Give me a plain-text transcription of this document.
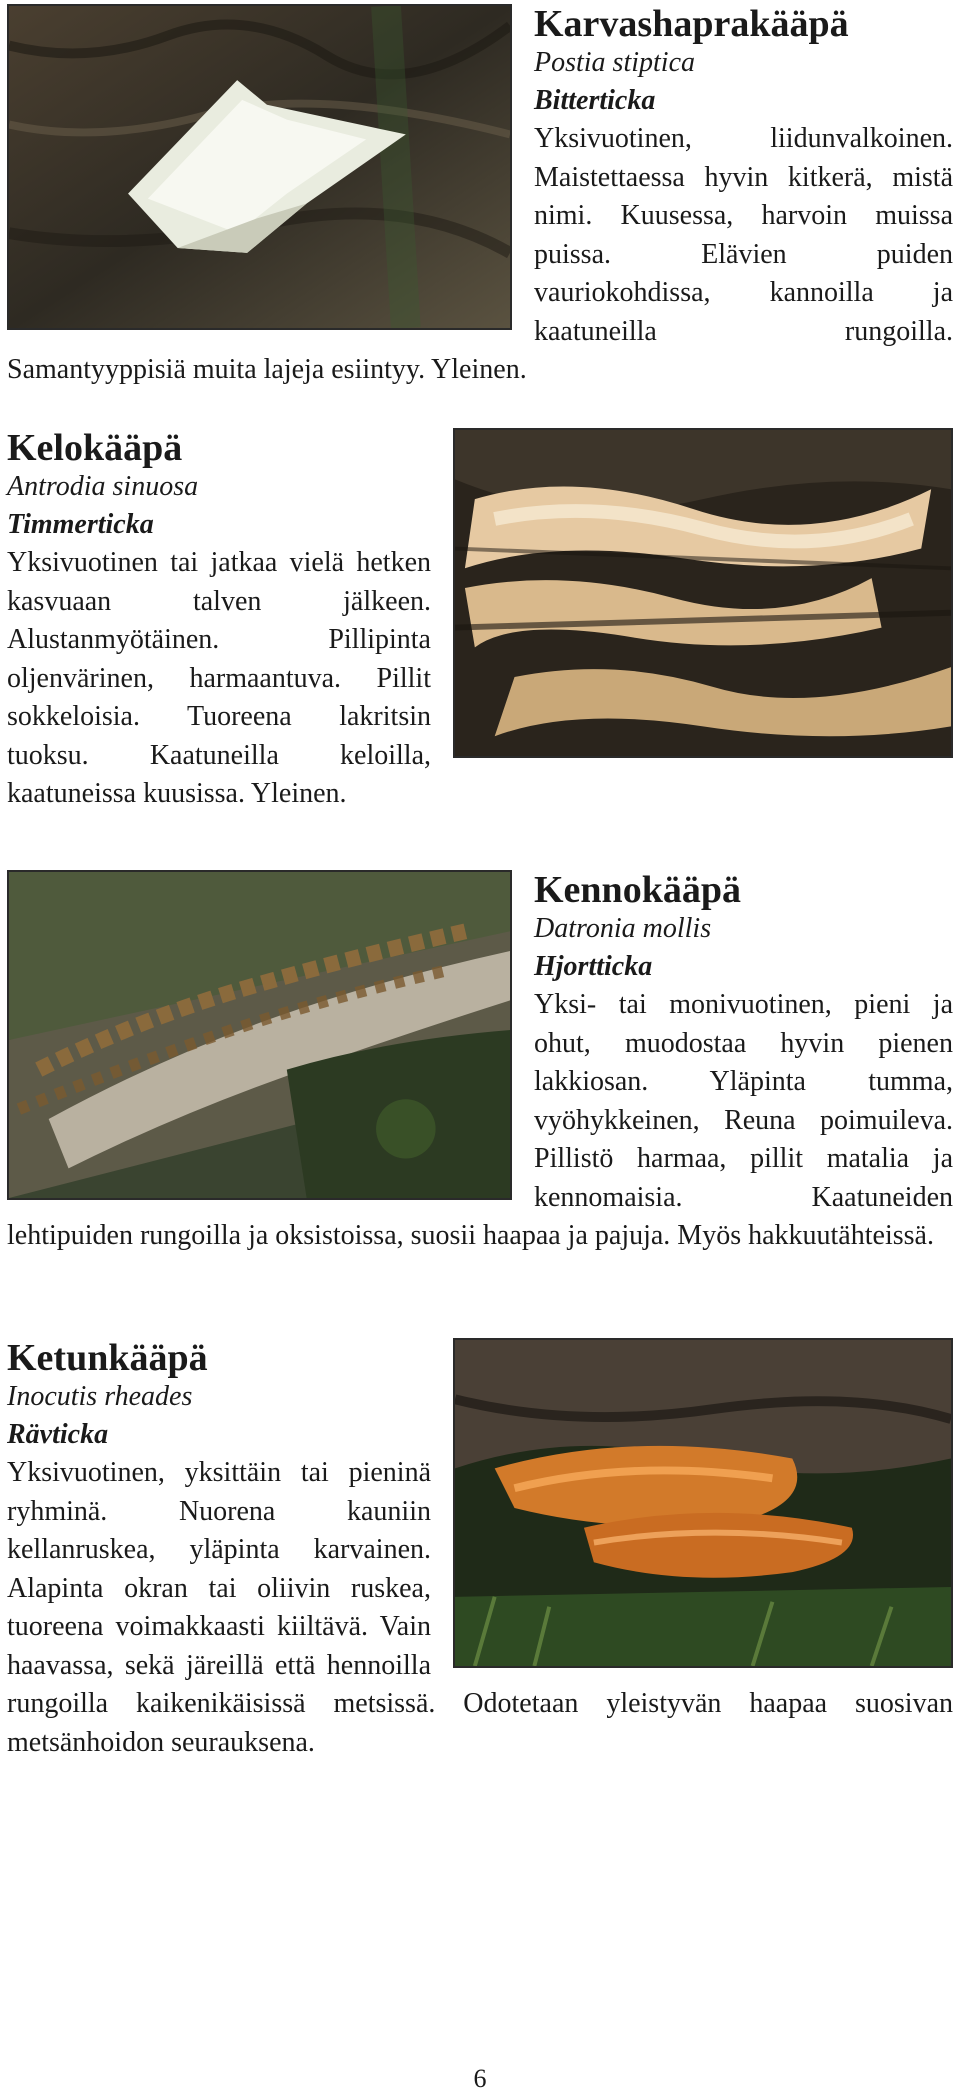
Karvashaprakääpä
Postia stiptica
Bitterticka

Yksivuotinen, liidunvalkoinen. Maistettaessa hyvin kitkerä, mistä nimi. Kuusessa, harvoin muissa puissa. Elävien puiden vauriokohdissa, kannoilla ja kaatuneilla rungoilla. Samantyyppisiä muita lajeja esiintyy. Yleinen.

Kelokääpä
Antrodia sinuosa
Timmerticka

Yksivuotinen tai jatkaa vielä hetken kasvuaan talven jälkeen. Alustanmyötäinen. Pillipinta oljenvärinen, harmaantuva. Pillit sokkeloisia. Tuoreena lakritsin tuoksu. Kaatuneilla keloilla, kaatuneissa kuusissa. Yleinen.

Kennokääpä
Datronia mollis
Hjortticka

Yksi- tai monivuotinen, pieni ja ohut, muodostaa hyvin pienen lakkiosan. Yläpinta tumma, vyöhykkeinen, Reuna poimuileva. Pillistö harmaa, pillit matalia ja kennomaisia. Kaatuneiden lehtipuiden rungoilla ja oksistoissa, suosii haapaa ja pajuja. Myös hakkuutähteissä.

Ketunkääpä
Inocutis rheades
Rävticka

Yksivuotinen, yksittäin tai pieninä ryhminä. Nuorena kauniin kellanruskea, yläpinta karvainen. Alapinta okran tai oliivin ruskea, tuoreena voimakkaasti kiiltävä. Vain haavassa, sekä järeillä että hennoilla rungoilla kaikenikäisissä metsissä. Odotetaan yleistyvän haapaa suosivan metsänhoidon seurauksena.

6
